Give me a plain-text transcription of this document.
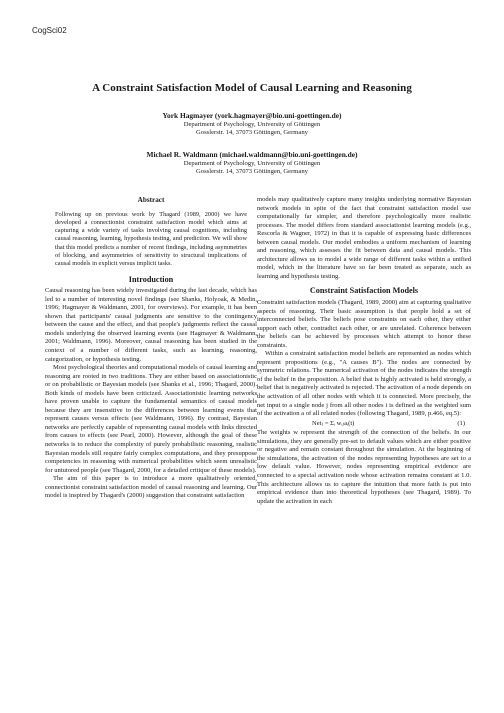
CogSci02
A Constraint Satisfaction Model of Causal Learning and Reasoning
York Hagmayer (york.hagmayer@bio.uni-goettingen.de)
Department of Psychology, University of Göttingen
Gosslerstr. 14, 37073 Göttingen, Germany
Michael R. Waldmann (michael.waldmann@bio.uni-goettingen.de)
Department of Psychology, University of Göttingen
Gosslerstr. 14, 37073 Göttingen, Germany
Abstract

Following up on previous work by Thagard (1989, 2000) we have developed a connectionist constraint satisfaction model which aims at capturing a wide variety of tasks involving causal cognitions, including causal reasoning, learning, hypothesis testing, and prediction. We will show that this model predicts a number of recent findings, including asymmetries of blocking, and asymmetries of sensitivity to structural implications of causal models in explicit versus implicit tasks.

Introduction

Causal reasoning has been widely investigated during the last decade, which has led to a number of interesting novel findings (see Shanks, Holyoak, & Medin, 1996; Hagmayer & Waldmann, 2001, for overviews). For example, it has been shown that participants' causal judgments are sensitive to the contingency between the cause and the effect, and that people's judgments reflect the causal models underlying the observed learning events (see Hagmayer & Waldmann, 2001; Waldmann, 1996). Moreover, causal reasoning has been studied in the context of a number of different tasks, such as learning, reasoning, categorization, or hypothesis testing.

Most psychological theories and computational models of causal learning and reasoning are rooted in two traditions. They are either based on associationistic or on probabilistic or Bayesian models (see Shanks et al., 1996; Thagard, 2000). Both kinds of models have been criticized. Associationistic learning networks have proven unable to capture the fundamental semantics of causal models because they are insensitive to the differences between learning events that represent causes versus effects (see Waldmann, 1996). By contrast, Bayesian networks are perfectly capable of representing causal models with links directed from causes to effects (see Pearl, 2000). However, although the goal of these networks is to reduce the complexity of purely probabilistic reasoning, realistic Bayesian models still require fairly complex computations, and they presuppose competencies in reasoning with numerical probabilities which seem unrealistic for untutored people (see Thagard, 2000, for a detailed critique of these models).

The aim of this paper is to introduce a more qualitatively oriented, connectionist constraint satisfaction model of causal reasoning and learning. Our model is inspired by Thagard's (2000) suggestion that constraint satisfaction

models may qualitatively capture many insights underlying normative Bayesian network models in spite of the fact that constraint satisfaction model use computationally far simpler, and therefore psychologically more realistic processes. The model differs from standard associationist learning models (e.g., Rescorla & Wagner, 1972) in that it is capable of expressing basic differences between causal models. Our model embodies a uniform mechanism of learning and reasoning, which assesses the fit between data and causal models. This architecture allows us to model a wide range of different tasks within a unified model, which in the literature have so far been treated as separate, such as learning and hypothesis testing.

Constraint Satisfaction Models

Constraint satisfaction models (Thagard, 1989, 2000) aim at capturing qualitative aspects of reasoning. Their basic assumption is that people hold a set of interconnected beliefs. The beliefs pose constraints on each other, they either support each other, contradict each other, or are unrelated. Coherence between the beliefs can be achieved by processes which attempt to honor these constraints.

Within a constraint satisfaction model beliefs are represented as nodes which represent propositions (e.g., "A causes B"). The nodes are connected by symmetric relations. The numerical activation of the nodes indicates the strength of the belief in the proposition. A belief that is highly activated is held strongly, a belief that is negatively activated is rejected. The activation of a node depends on the activation of all other nodes with which it is connected. More precisely, the net input to a single node j from all other nodes i is defined as the weighted sum of the activation a of all related nodes (following Thagard, 1989, p.466, eq.5):

Netⱼ = Σᵢ wᵢⱼaᵢ(t)	(1)

The weights w represent the strength of the connection of the beliefs. In our simulations, they are generally pre-set to default values which are either positive or negative and remain constant throughout the simulation. At the beginning of the simulations, the activation of the nodes representing hypotheses are set to a low default value. However, nodes representing empirical evidence are connected to a special activation node whose activation remains constant at 1.0. This architecture allows us to capture the intuition that more faith is put into empirical evidence than into theoretical hypotheses (see Thagard, 1989). To update the activation in each
